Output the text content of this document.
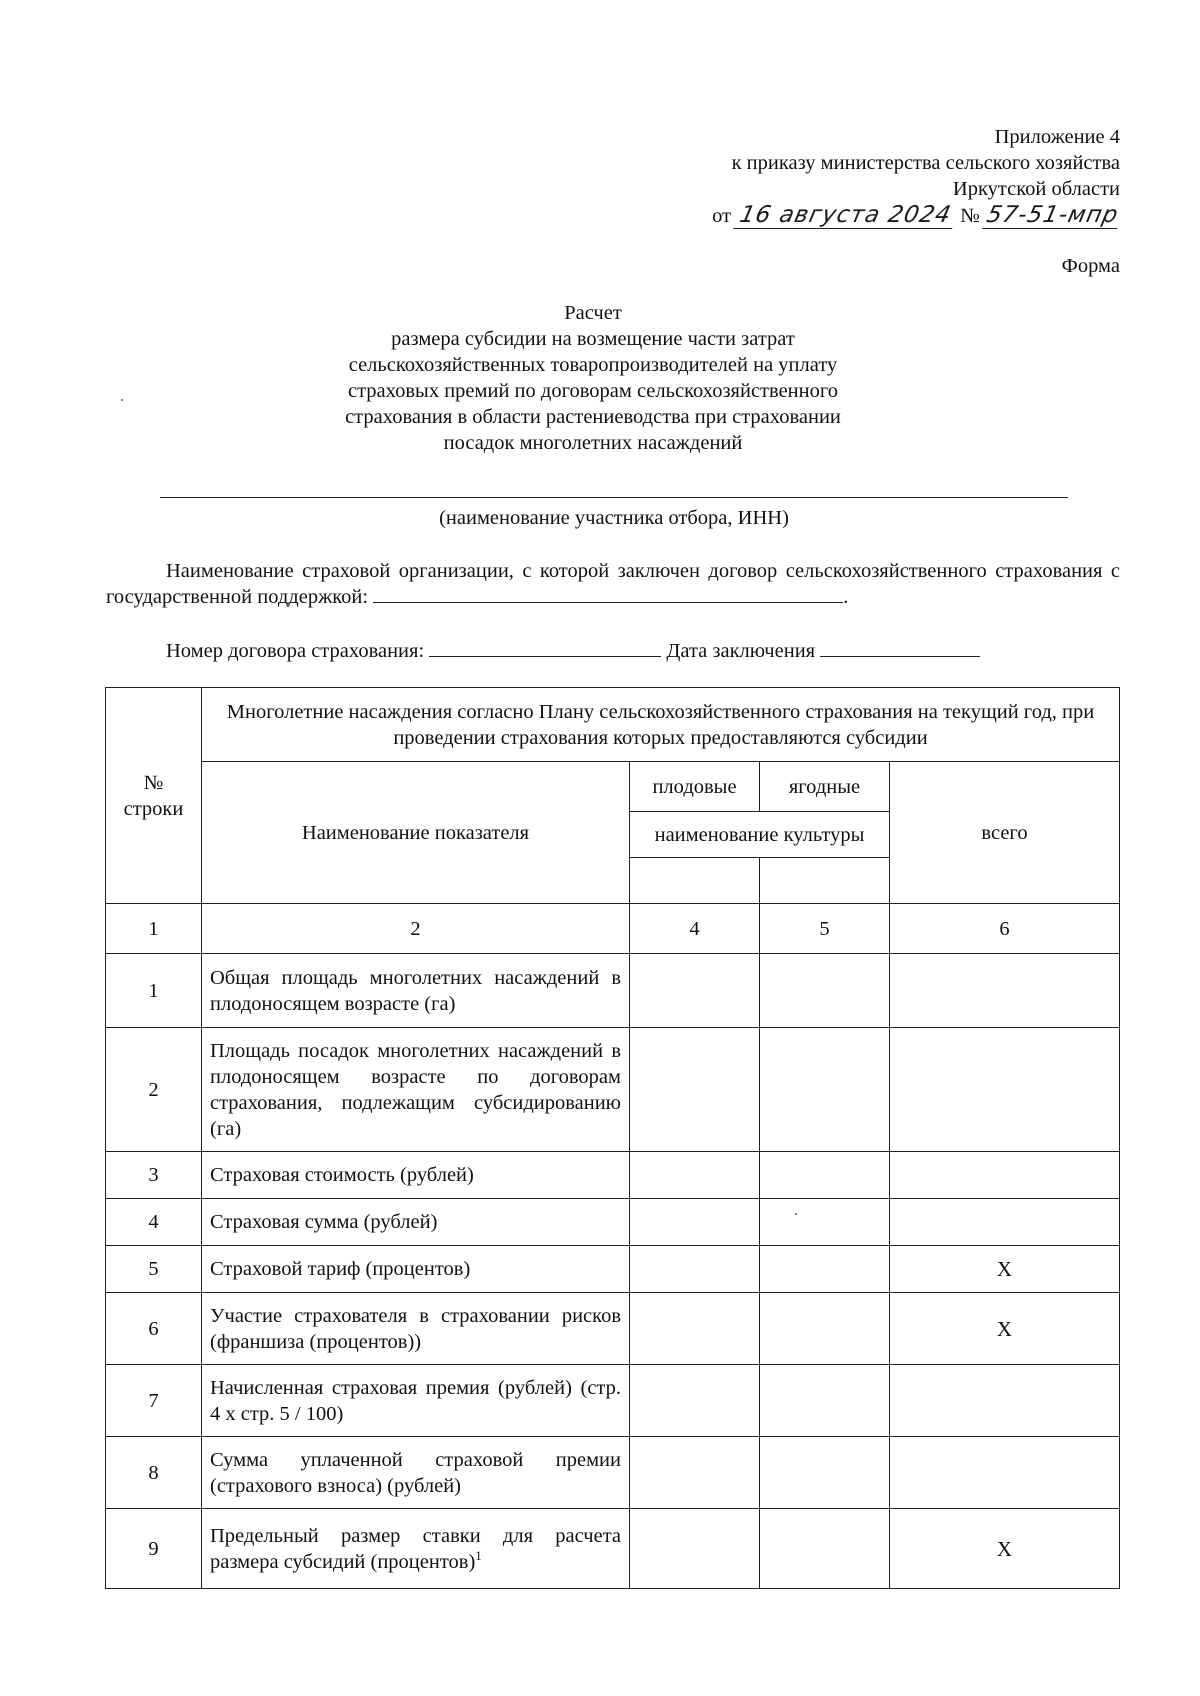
Приложение 4
к приказу министерства сельского хозяйства
Иркутской области
от 16 августа 2024 № 57-51-мпр
Форма
Расчет
размера субсидии на возмещение части затрат
сельскохозяйственных товаропроизводителей на уплату
страховых премий по договорам сельскохозяйственного
страхования в области растениеводства при страховании
посадок многолетних насаждений
(наименование участника отбора, ИНН)

Наименование страховой организации, с которой заключен договор сельскохозяйственного страхования с государственной поддержкой:	.

Номер договора страхования:	Дата заключения
№ строки	Многолетние насаждения согласно Плану сельскохозяйственного страхования на текущий год, при проведении страхования которых предоставляются субсидии			
	Наименование показателя	плодовые	ягодные	всего
		наименование культуры		

1	2	4	5	6
1	Общая площадь многолетних насаждений в плодоносящем возрасте (га)			
2	Площадь посадок многолетних насаждений в плодоносящем возрасте по договорам страхования, подлежащим субсидированию (га)			
3	Страховая стоимость (рублей)			
4	Страховая сумма (рублей)			
5	Страховой тариф (процентов)			Х
6	Участие страхователя в страховании рисков (франшиза (процентов))			Х
7	Начисленная страховая премия (рублей) (стр. 4 х стр. 5 / 100)			
8	Сумма уплаченной страховой премии (страхового взноса) (рублей)			
9	Предельный размер ставки для расчета размера субсидий (процентов)$^1$			Х
